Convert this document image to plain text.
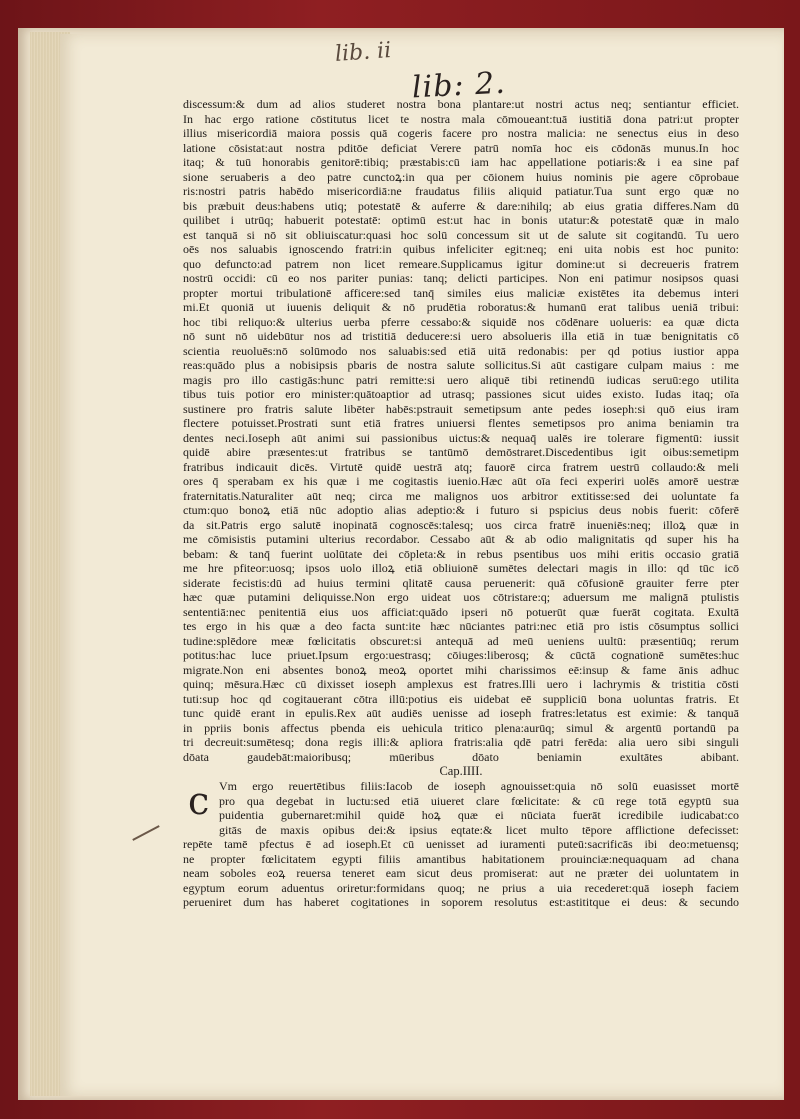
lib. ii
lib: 2.
discessum:& dum ad alios studeret nostra bona plantare:ut nostri actus neq; sentiantur efficiet.
In hac ergo ratione cōstitutus licet te nostra mala cōmoueant:tuā iustitiā dona patri:ut propter
illius misericordiā maiora possis quā cogeris facere pro nostra malicia: ne senectus eius in deso
latione cōsistat:aut nostra pditōe deficiat Verere patrū nomīa hoc eis cōdonās munus.In hoc
itaq; & tuū honorabis genitorē:tibiq; præstabis:cū iam hac appellatione potiaris:& i ea sine paf
sione seruaberis a deo patre cunctoꝝ:in qua per cōionem huius nominis pie agere cōprobaue
ris:nostri patris habēdo misericordiā:ne fraudatus filiis aliquid patiatur.Tua sunt ergo quæ no
bis præbuit deus:habens utiq; potestatē & auferre & dare:nihilq; ab eius gratia differes.Nam dū
quilibet i utrūq; habuerit potestatē: optimū est:ut hac in bonis utatur:& potestatē quæ in malo
est tanquā si nō sit obliuiscatur:quasi hoc solū concessum sit ut de salute sit cogitandū. Tu uero
oēs nos saluabis ignoscendo fratri:in quibus infeliciter egit:neq; eni uita nobis est hoc punito:
quo defuncto:ad patrem non licet remeare.Supplicamus igitur domine:ut si decreueris fratrem
nostrū occidi: cū eo nos pariter punias: tanq; delicti participes. Non eni patimur nosipsos quasi
propter mortui tribulationē afficere:sed tanq̄ similes eius maliciæ existētes ita debemus interi
mi.Et quoniā ut iuuenis deliquit & nō prudētia roboratus:& humanū erat talibus ueniā tribui:
hoc tibi reliquo:& ulterius uerba pferre cessabo:& siquidē nos cōdēnare uolueris: ea quæ dicta
nō sunt nō uidebūtur nos ad tristitiā deducere:si uero absolueris illa etiā in tuæ benignitatis cō
scientia reuoluēs:nō solūmodo nos saluabis:sed etiā uitā redonabis: per qd potius iustior appa
reas:quādo plus a nobisipsis pbaris de nostra salute sollicitus.Si aūt castigare culpam maius : me
magis pro illo castigās:hunc patri remitte:si uero aliquē tibi retinendū iudicas seruū:ego utilita
tibus tuis potior ero minister:quātoaptior ad utrasq; passiones sicut uides existo. Iudas itaq; oīa
sustinere pro fratris salute libēter habēs:pstrauit semetipsum ante pedes ioseph:si quō eius iram
flectere potuisset.Prostrati sunt etiā fratres uniuersi flentes semetipsos pro anima beniamin tra
dentes neci.Ioseph aūt animi sui passionibus uictus:& nequaq̄ ualēs ire tolerare figmentū: iussit
quidē abire præsentes:ut fratribus se tantūmō demōstraret.Discedentibus igit oibus:semetipm
fratribus indicauit dicēs. Virtutē quidē uestrā atq; fauorē circa fratrem uestrū collaudo:& meli
ores q̄ sperabam ex his quæ i me cogitastis iuenio.Hæc aūt oīa feci experiri uolēs amorē uestræ
fraternitatis.Naturaliter aūt neq; circa me malignos uos arbitror extitisse:sed dei uoluntate fa
ctum:quo bonoꝝ etiā nūc adoptio alias adeptio:& i futuro si pspicius deus nobis fuerit: cōferē
da sit.Patris ergo salutē inopinatā cognoscēs:talesq; uos circa fratrē inueniēs:neq; illoꝝ quæ in
me cōmisistis putamini ulterius recordabor. Cessabo aūt & ab odio malignitatis qd super his ha
bebam: & tanq̄ fuerint uolūtate dei cōpleta:& in rebus psentibus uos mihi eritis occasio gratiā
me hre pfiteor:uosq; ipsos uolo illoꝝ etiā obliuionē sumētes delectari magis in illo: qd tūc icō
siderate fecistis:dū ad huius termini qlitatē causa peruenerit: quā cōfusionē grauiter ferre pter
hæc quæ putamini deliquisse.Non ergo uideat uos cōtristare:q; aduersum me malignā ptulistis
sententiā:nec penitentiā eius uos afficiat:quādo ipseri nō potuerūt quæ fuerāt cogitata. Exultā
tes ergo in his quæ a deo facta sunt:ite hæc nūciantes patri:nec etiā pro istis cōsumptus sollici
tudine:splēdore meæ fœlicitatis obscuret:si antequā ad meū ueniens uultū: præsentiūq; rerum
potitus:hac luce priuet.Ipsum ergo:uestrasq; cōiuges:liberosq; & cūctā cognationē sumētes:huc
migrate.Non eni absentes bonoꝝ meoꝝ oportet mihi charissimos eē:insup & fame ānis adhuc
quinq; mēsura.Hæc cū dixisset ioseph amplexus est fratres.Illi uero i lachrymis & tristitia cōsti
tuti:sup hoc qd cogitauerant cōtra illū:potius eis uidebat eē suppliciū bona uoluntas fratris. Et
tunc quidē erant in epulis.Rex aūt audiēs uenisse ad ioseph fratres:letatus est eximie: & tanquā
in ppriis bonis affectus pbenda eis uehicula tritico plena:aurūq; simul & argentū portandū pa
tri decreuit:sumētesq; dona regis illi:& apliora fratris:alia qdē patri ferēda: alia uero sibi singuli
dōata gaudebāt:maioribusq; mūeribus dōato beniamin exultātes abibant.
Cap.IIII.
c Vm ergo reuertētibus filiis:Iacob de ioseph agnouisset:quia nō solū euasisset mortē
pro qua degebat in luctu:sed etiā uiueret clare fœlicitate: & cū rege totā egyptū sua
puidentia gubernaret:mihil quidē hoꝝ quæ ei nūciata fuerāt icredibile iudicabat:co
gitās de maxis opibus dei:& ipsius eqtate:& licet multo tēpore afflictione defecisset:
repēte tamē pfectus ē ad ioseph.Et cū uenisset ad iuramenti puteū:sacrificās ibi deo:metuensq;
ne propter fœlicitatem egypti filiis amantibus habitationem prouinciæ:nequaquam ad chana
neam soboles eoꝝ reuersa teneret eam sicut deus promiserat: aut ne præter dei uoluntatem in
egyptum eorum aduentus oriretur:formidans quoq; ne prius a uia recederet:quā ioseph faciem
perueniret dum has haberet cogitationes in soporem resolutus est:astititque ei deus: & secundo
